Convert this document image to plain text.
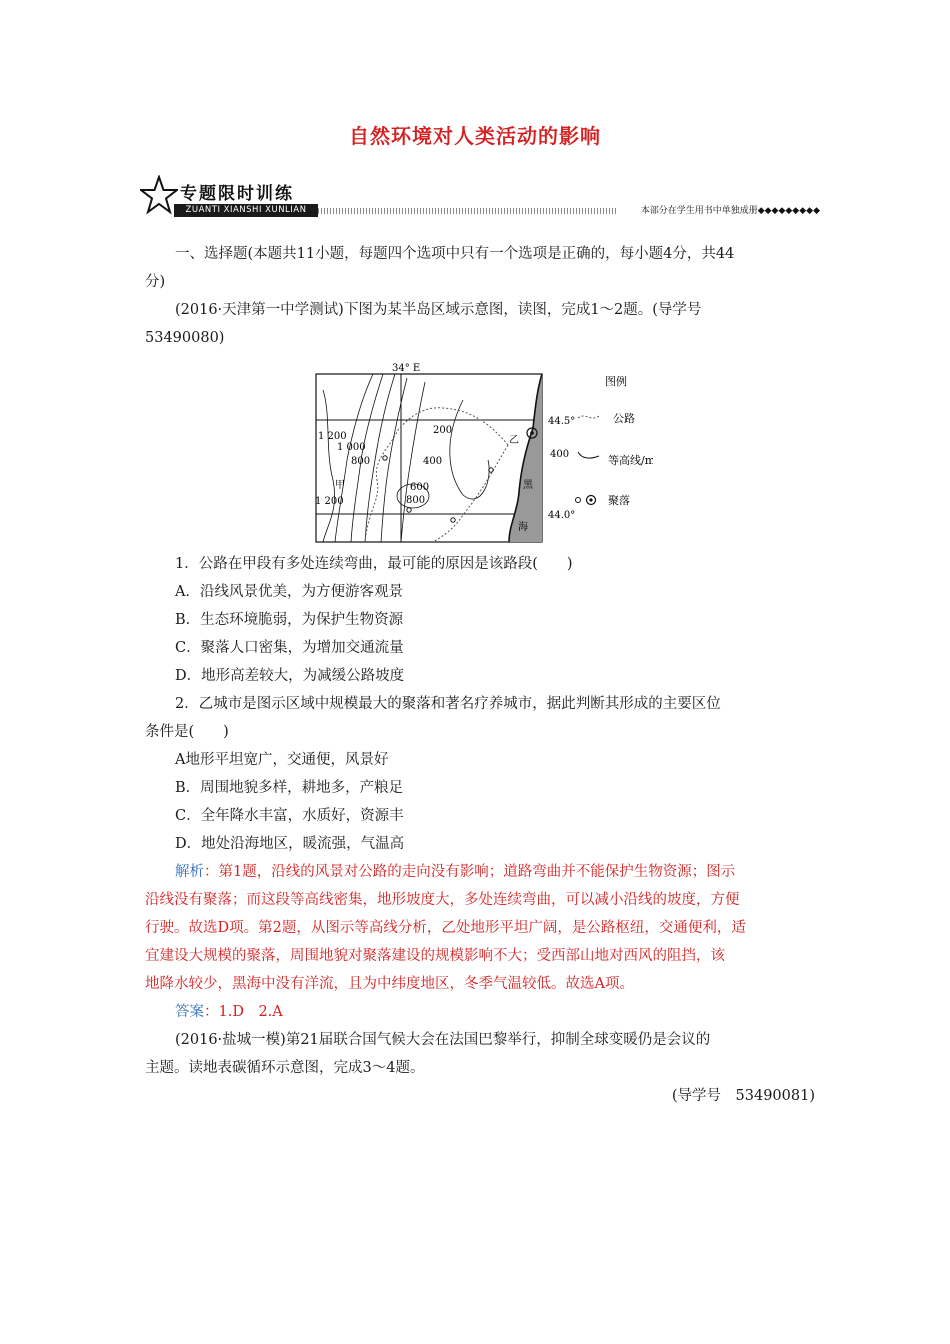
自然环境对人类活动的影响
专题限时训练
ZUANTI XIANSHI XUNLIAN	本部分在学生用书中单独成册◆◆◆◆◆◆◆◆◆

一、选择题(本题共11小题，每题四个选项中只有一个选项是正确的，每小题4分，共44

分)

(2016·天津第一中学测试)下图为某半岛区域示意图，读图，完成1～2题。(导学号

53490080)

34° E
44.5°
44.0°
1 200
1 000
800
600
400
200
1 200	800
400
甲
乙
黑
海
图例
公路
等高线/m
聚落

1．公路在甲段有多处连续弯曲，最可能的原因是该路段(　　)

A．沿线风景优美，为方便游客观景

B．生态环境脆弱，为保护生物资源

C．聚落人口密集，为增加交通流量

D．地形高差较大，为减缓公路坡度

2．乙城市是图示区域中规模最大的聚落和著名疗养城市，据此判断其形成的主要区位

条件是(　　)

A地形平坦宽广，交通便，风景好

B．周围地貌多样，耕地多，产粮足

C．全年降水丰富，水质好，资源丰

D．地处沿海地区，暖流强，气温高

解析：第1题，沿线的风景对公路的走向没有影响；道路弯曲并不能保护生物资源；图示

沿线没有聚落；而这段等高线密集，地形坡度大，多处连续弯曲，可以减小沿线的坡度，方便

行驶。故选D项。第2题，从图示等高线分析，乙处地形平坦广阔，是公路枢纽，交通便利，适

宜建设大规模的聚落，周围地貌对聚落建设的规模影响不大；受西部山地对西风的阻挡，该

地降水较少，黑海中没有洋流，且为中纬度地区，冬季气温较低。故选A项。

答案：1.D　2.A

(2016·盐城一模)第21届联合国气候大会在法国巴黎举行，抑制全球变暖仍是会议的

主题。读地表碳循环示意图，完成3～4题。

(导学号　53490081)
